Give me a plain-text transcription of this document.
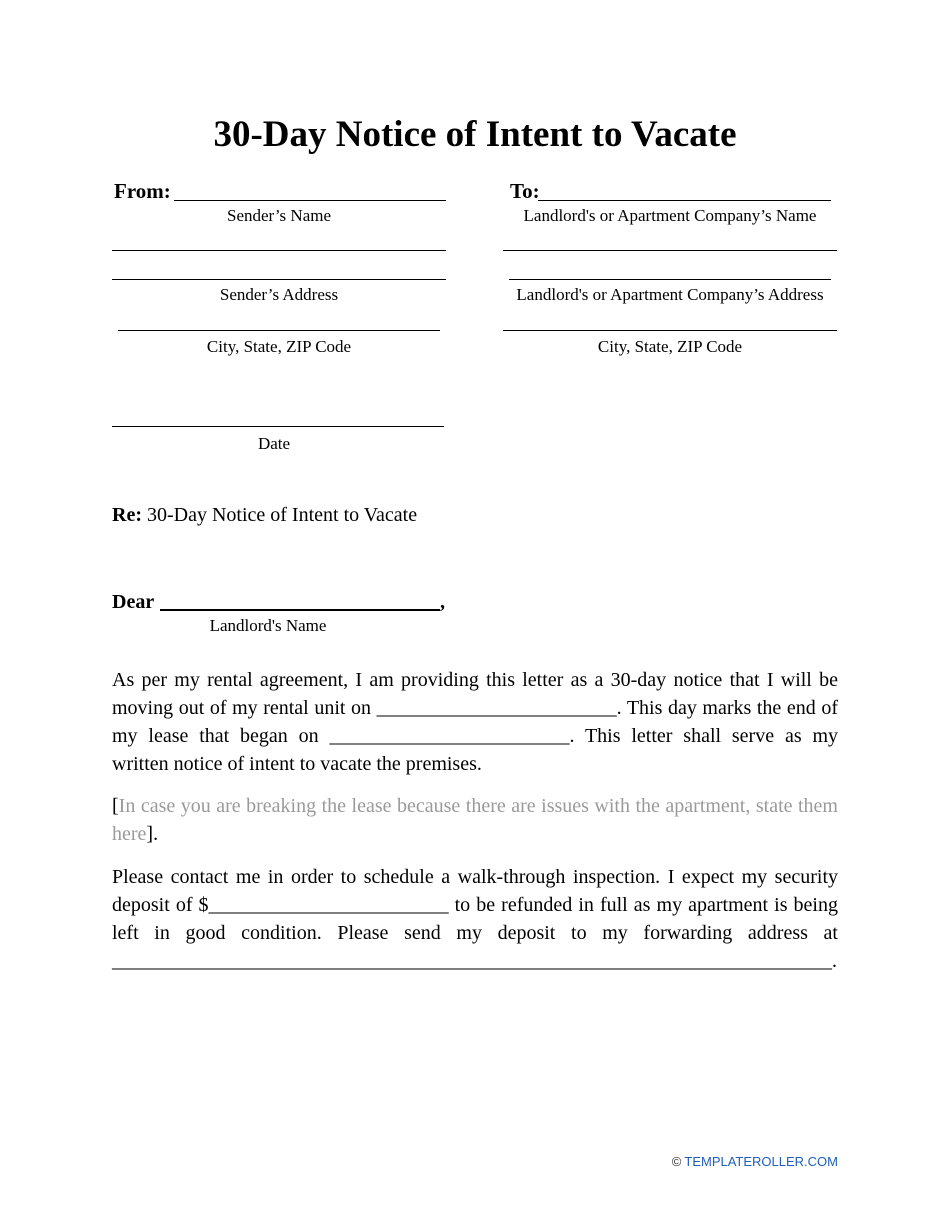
30-Day Notice of Intent to Vacate
From:
Sender’s Name
Sender’s Address
City, State, ZIP Code
Date
To:
Landlord's or Apartment Company’s Name
Landlord's or Apartment Company’s Address
City, State, ZIP Code
Re: 30-Day Notice of Intent to Vacate
Dear	,
Landlord's Name
As per my rental agreement, I am providing this letter as a 30-day notice that I will be
moving out of my rental unit on ________________________. This day marks the end of
my lease that began on ________________________. This letter shall serve as my
written notice of intent to vacate the premises.
[In case you are breaking the lease because there are issues with the apartment, state them
here].
Please contact me in order to schedule a walk-through inspection. I expect my security
deposit of $________________________ to be refunded in full as my apartment is being
left in good condition. Please send my deposit to my forwarding address at
________________________________________________________________________.
© TEMPLATEROLLER.COM
